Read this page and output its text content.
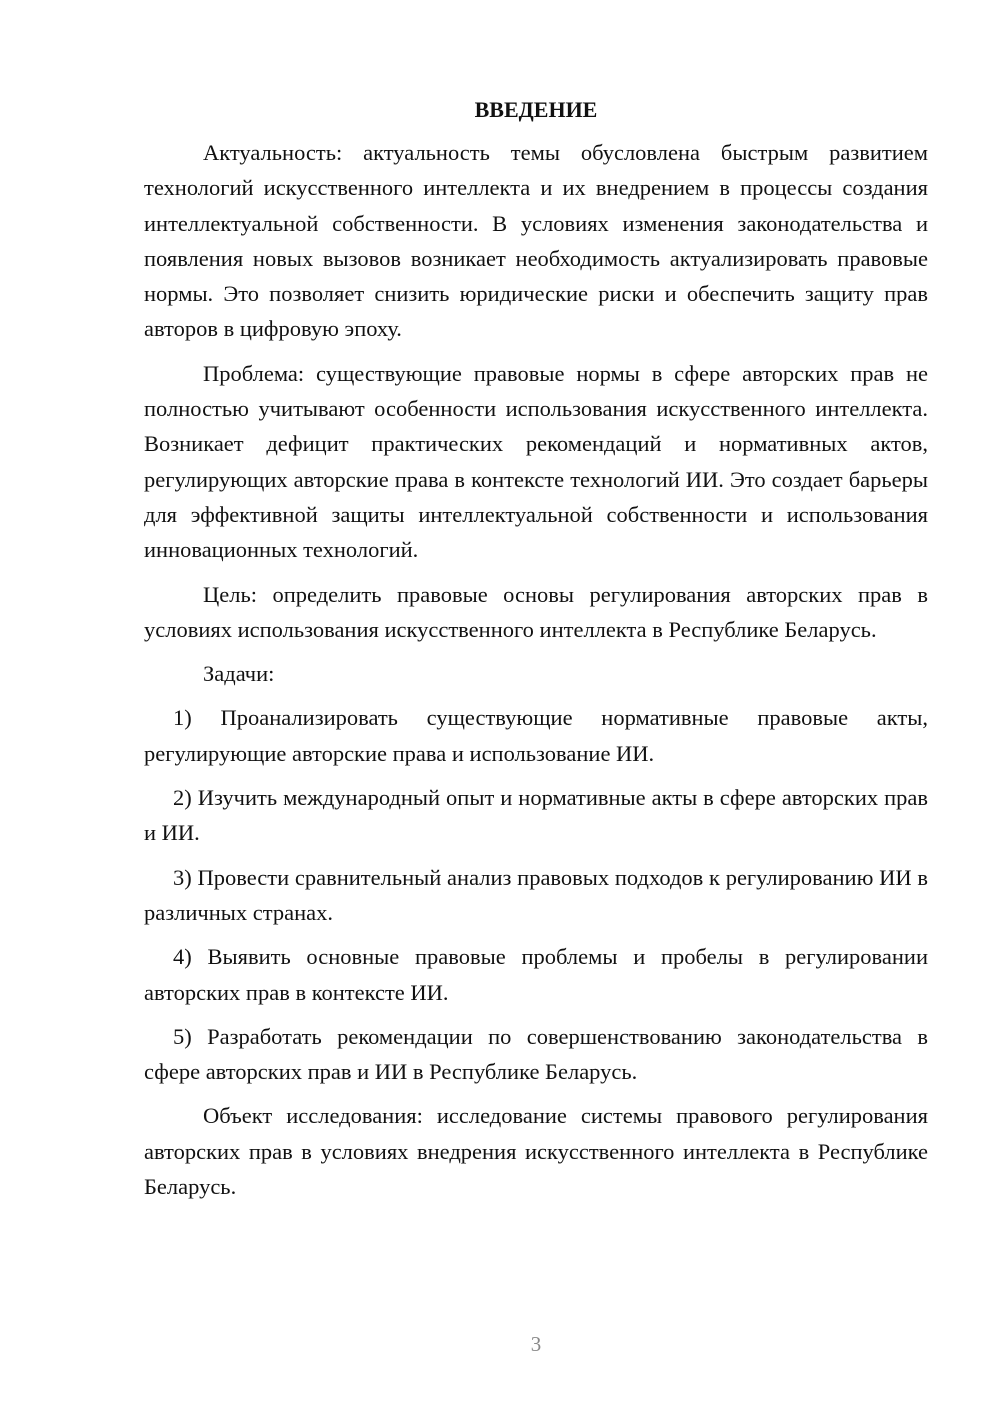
ВВЕДЕНИЕ

Актуальность: актуальность темы обусловлена быстрым развитием технологий искусственного интеллекта и их внедрением в процессы создания интеллектуальной собственности. В условиях изменения законодательства и появления новых вызовов возникает необходимость актуализировать правовые нормы. Это позволяет снизить юридические риски и обеспечить защиту прав авторов в цифровую эпоху.

Проблема: существующие правовые нормы в сфере авторских прав не полностью учитывают особенности использования искусственного интеллекта. Возникает дефицит практических рекомендаций и нормативных актов, регулирующих авторские права в контексте технологий ИИ. Это создает барьеры для эффективной защиты интеллектуальной собственности и использования инновационных технологий.

Цель: определить правовые основы регулирования авторских прав в условиях использования искусственного интеллекта в Республике Беларусь.

Задачи:

1) Проанализировать существующие нормативные правовые акты, регулирующие авторские права и использование ИИ.

2) Изучить международный опыт и нормативные акты в сфере авторских прав и ИИ.

3) Провести сравнительный анализ правовых подходов к регулированию ИИ в различных странах.

4) Выявить основные правовые проблемы и пробелы в регулировании авторских прав в контексте ИИ.

5) Разработать рекомендации по совершенствованию законодательства в сфере авторских прав и ИИ в Республике Беларусь.

Объект исследования: исследование системы правового регулирования авторских прав в условиях внедрения искусственного интеллекта в Республике Беларусь.

3
